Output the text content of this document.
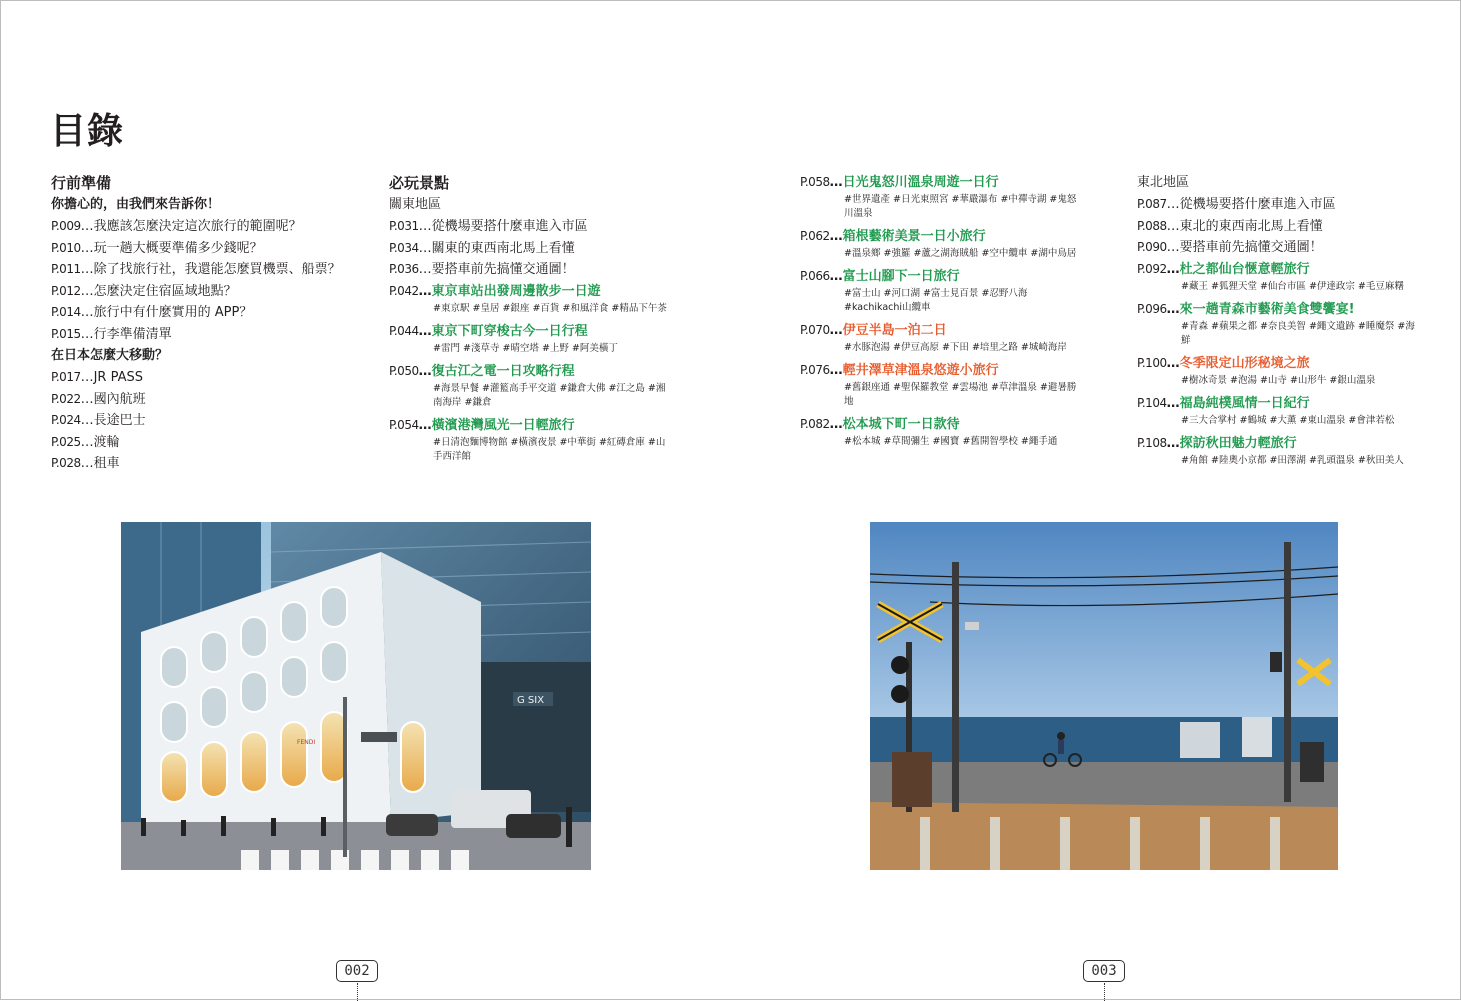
目錄
行前準備
你擔心的，由我們來告訴你！
P.009…我應該怎麼決定這次旅行的範圍呢？
P.010…玩一趟大概要準備多少錢呢？
P.011…除了找旅行社，我還能怎麼買機票、船票？
P.012…怎麼決定住宿區域地點？
P.014…旅行中有什麼實用的 APP？
P.015…行李準備清單
在日本怎麼大移動？
P.017…JR PASS
P.022…國內航班
P.024…長途巴士
P.025…渡輪
P.028…租車
必玩景點
關東地區
P.031…從機場要搭什麼車進入市區
P.034…關東的東西南北馬上看懂
P.036…要搭車前先搞懂交通圖！
P.042…東京車站出發周邊散步一日遊
#東京駅 #皇居 #銀座 #百貨 #和風洋食 #精品下午茶
P.044…東京下町穿梭古今一日行程
#雷門 #淺草寺 #晴空塔 #上野 #阿美橫丁
P.050…復古江之電一日攻略行程
#海景早餐 #灌籃高手平交道 #鎌倉大佛 #江之島 #湘南海岸 #鎌倉
P.054…橫濱港灣風光一日輕旅行
#日清泡麵博物館 #橫濱夜景 #中華街 #紅磚倉庫 #山手西洋館
P.058…日光鬼怒川溫泉周遊一日行
#世界遺產 #日光東照宮 #華嚴瀑布 #中禪寺湖 #鬼怒川溫泉
P.062…箱根藝術美景一日小旅行
#溫泉鄉 #強羅 #蘆之湖海賊船 #空中纜車 #湖中鳥居
P.066…富士山腳下一日旅行
#富士山 #河口湖 #富士見百景 #忍野八海 #kachikachi山纜車
P.070…伊豆半島一泊二日
#水豚泡湯 #伊豆高原 #下田 #培里之路 #城崎海岸
P.076…輕井澤草津溫泉悠遊小旅行
#舊銀座通 #聖保羅教堂 #雲場池 #草津溫泉 #避暑勝地
P.082…松本城下町一日款待
#松本城 #草間彌生 #國寶 #舊開智學校 #繩手通
東北地區
P.087…從機場要搭什麼車進入市區
P.088…東北的東西南北馬上看懂
P.090…要搭車前先搞懂交通圖！
P.092…杜之都仙台愜意輕旅行
#藏王 #狐狸天堂 #仙台市區 #伊達政宗 #毛豆麻糬
P.096…來一趟青森市藝術美食雙饗宴!
#青森 #蘋果之都 #奈良美智 #繩文遺跡 #睡魔祭 #海鮮
P.100…冬季限定山形秘境之旅
#樹冰奇景 #泡湯 #山寺 #山形牛 #銀山溫泉
P.104…福島純樸風情一日紀行
#三大合掌村 #鶴城 #大薰 #東山溫泉 #會津若松
P.108…探訪秋田魅力輕旅行
#角館 #陸奧小京都 #田澤湖 #乳頭溫泉 #秋田美人
G SIX
FENDI
002	003
